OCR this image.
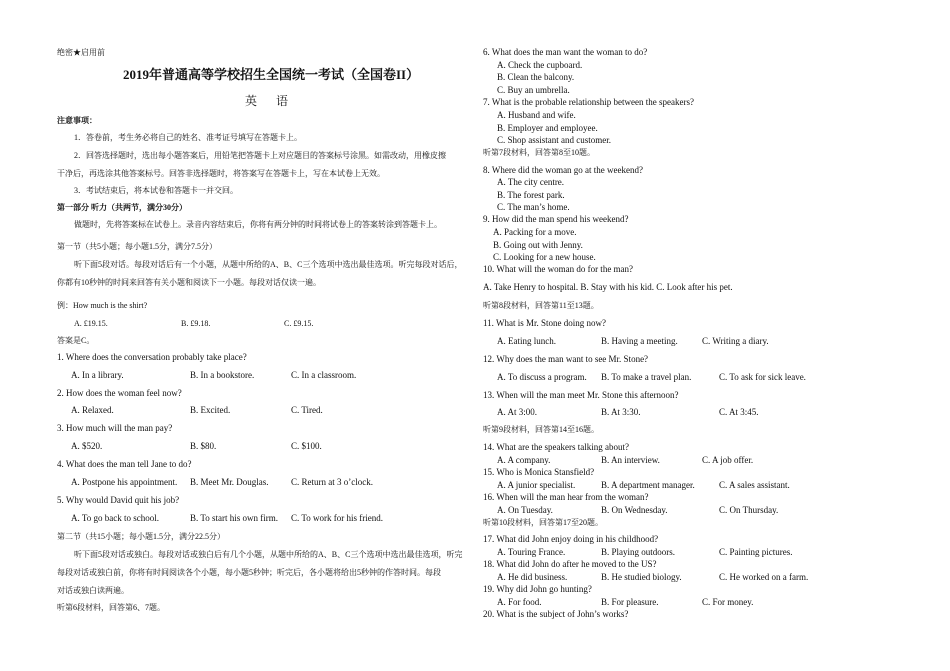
绝密★启用前
2019年普通高等学校招生全国统一考试（全国卷II）
英 语
注意事项：
1．答卷前，考生务必将自己的姓名、准考证号填写在答题卡上。
2．回答选择题时，选出每小题答案后，用铅笔把答题卡上对应题目的答案标号涂黑。如需改动，用橡皮擦
干净后，再选涂其他答案标号。回答非选择题时，将答案写在答题卡上，写在本试卷上无效。
3．考试结束后，将本试卷和答题卡一并交回。
第一部分 听力（共两节，满分30分）
做题时，先将答案标在试卷上。录音内容结束后，你将有两分钟的时间将试卷上的答案转涂到答题卡上。
第一节（共5小题；每小题1.5分，满分7.5分）
听下面5段对话。每段对话后有一个小题，从题中所给的A、B、C三个选项中选出最佳选项。听完每段对话后，
你都有10秒钟的时间来回答有关小题和阅读下一小题。每段对话仅读一遍。
例：How much is the shirt?
A. £19.15.	B. £9.18.	C. £9.15.
答案是C。
1. Where does the conversation probably take place?
A. In a library.	B. In a bookstore.	C. In a classroom.
2. How does the woman feel now?
A. Relaxed.	B. Excited.	C. Tired.
3. How much will the man pay?
A. $520.	B. $80.	C. $100.
4. What does the man tell Jane to do?
A. Postpone his appointment. B. Meet Mr. Douglas.	C. Return at 3 o’clock.
5. Why would David quit his job?
A. To go back to school.	B. To start his own firm. C. To work for his friend.
第二节（共15小题；每小题1.5分，满分22.5分）
听下面5段对话或独白。每段对话或独白后有几个小题，从题中所给的A、B、C三个选项中选出最佳选项，听完
每段对话或独白前，你将有时间阅读各个小题，每小题5秒钟；听完后，各小题将给出5秒钟的作答时间。每段
对话或独白读两遍。
听第6段材料，回答第6、7题。
6. What does the man want the woman to do?
A. Check the cupboard.
B. Clean the balcony.
C. Buy an umbrella.
7. What is the probable relationship between the speakers?
A. Husband and wife.
B. Employer and employee.
C. Shop assistant and customer.
听第7段材料，回答第8至10题。
8. Where did the woman go at the weekend?
A. The city centre.
B. The forest park.
C. The man’s home.
9. How did the man spend his weekend?
A. Packing for a move.
B. Going out with Jenny.
C. Looking for a new house.
10. What will the woman do for the man?
A. Take Henry to hospital. B. Stay with his kid. C. Look after his pet.
听第8段材料，回答第11至13题。
11. What is Mr. Stone doing now?
A. Eating lunch.	B. Having a meeting.	C. Writing a diary.
12. Why does the man want to see Mr. Stone?
A. To discuss a program. B. To make a travel plan.	C. To ask for sick leave.
13. When will the man meet Mr. Stone this afternoon?
A. At 3:00.	B. At 3:30.	C. At 3:45.
听第9段材料，回答第14至16题。
14. What are the speakers talking about?
A. A company.	B. An interview.	C. A job offer.
15. Who is Monica Stansfield?
A. A junior specialist.	B. A department manager.	C. A sales assistant.
16. When will the man hear from the woman?
A. On Tuesday.	B. On Wednesday.	C. On Thursday.
听第10段材料，回答第17至20题。
17. What did John enjoy doing in his childhood?
A. Touring France.	B. Playing outdoors.	C. Painting pictures.
18. What did John do after he moved to the US?
A. He did business.	B. He studied biology.	C. He worked on a farm.
19. Why did John go hunting?
A. For food.	B. For pleasure.	C. For money.
20. What is the subject of John’s works?
